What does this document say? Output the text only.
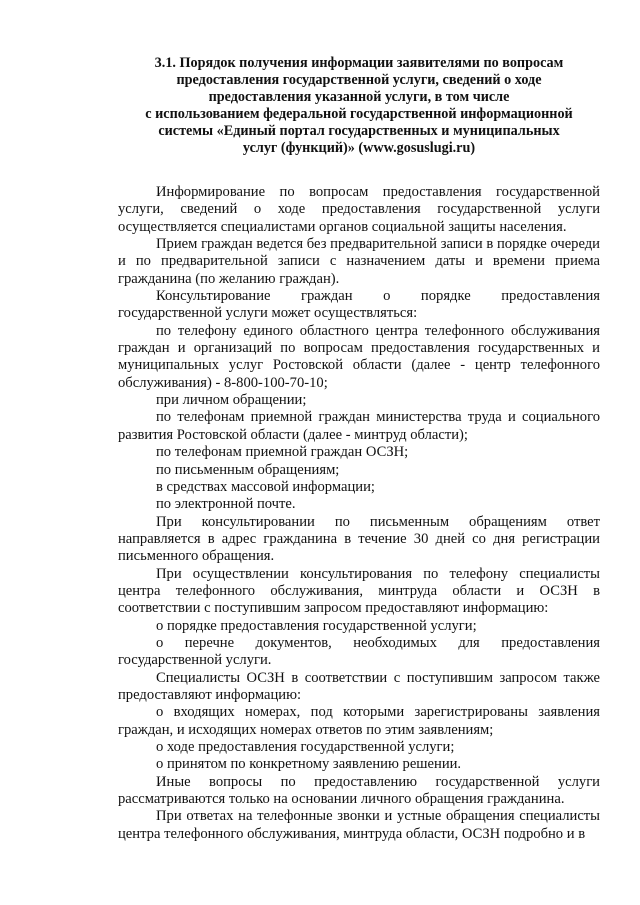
3.1. Порядок получения информации заявителями по вопросам
предоставления государственной услуги, сведений о ходе
предоставления указанной услуги, в том числе
с использованием федеральной государственной информационной
системы «Единый портал государственных и муниципальных
услуг (функций)» (www.gosuslugi.ru)

Информирование по вопросам предоставления государственной услуги, сведений о ходе предоставления государственной услуги осуществляется специалистами органов социальной защиты населения.

Прием граждан ведется без предварительной записи в порядке очереди и по предварительной записи с назначением даты и времени приема гражданина (по желанию граждан).

Консультирование граждан о порядке предоставления государственной услуги может осуществляться:

по телефону единого областного центра телефонного обслуживания граждан и организаций по вопросам предоставления государственных и муниципальных услуг Ростовской области (далее - центр телефонного обслуживания) - 8-800-100-70-10;

при личном обращении;

по телефонам приемной граждан министерства труда и социального развития Ростовской области (далее - минтруд области);

по телефонам приемной граждан ОСЗН;

по письменным обращениям;

в средствах массовой информации;

по электронной почте.

При консультировании по письменным обращениям ответ направляется в адрес гражданина в течение 30 дней со дня регистрации письменного обращения.

При осуществлении консультирования по телефону специалисты центра телефонного обслуживания, минтруда области и ОСЗН в соответствии с поступившим запросом предоставляют информацию:

о порядке предоставления государственной услуги;

о перечне документов, необходимых для предоставления государственной услуги.

Специалисты ОСЗН в соответствии с поступившим запросом также предоставляют информацию:

о входящих номерах, под которыми зарегистрированы заявления граждан, и исходящих номерах ответов по этим заявлениям;

о ходе предоставления государственной услуги;

о принятом по конкретному заявлению решении.

Иные вопросы по предоставлению государственной услуги рассматриваются только на основании личного обращения гражданина.

При ответах на телефонные звонки и устные обращения специалисты центра телефонного обслуживания, минтруда области, ОСЗН подробно и в
